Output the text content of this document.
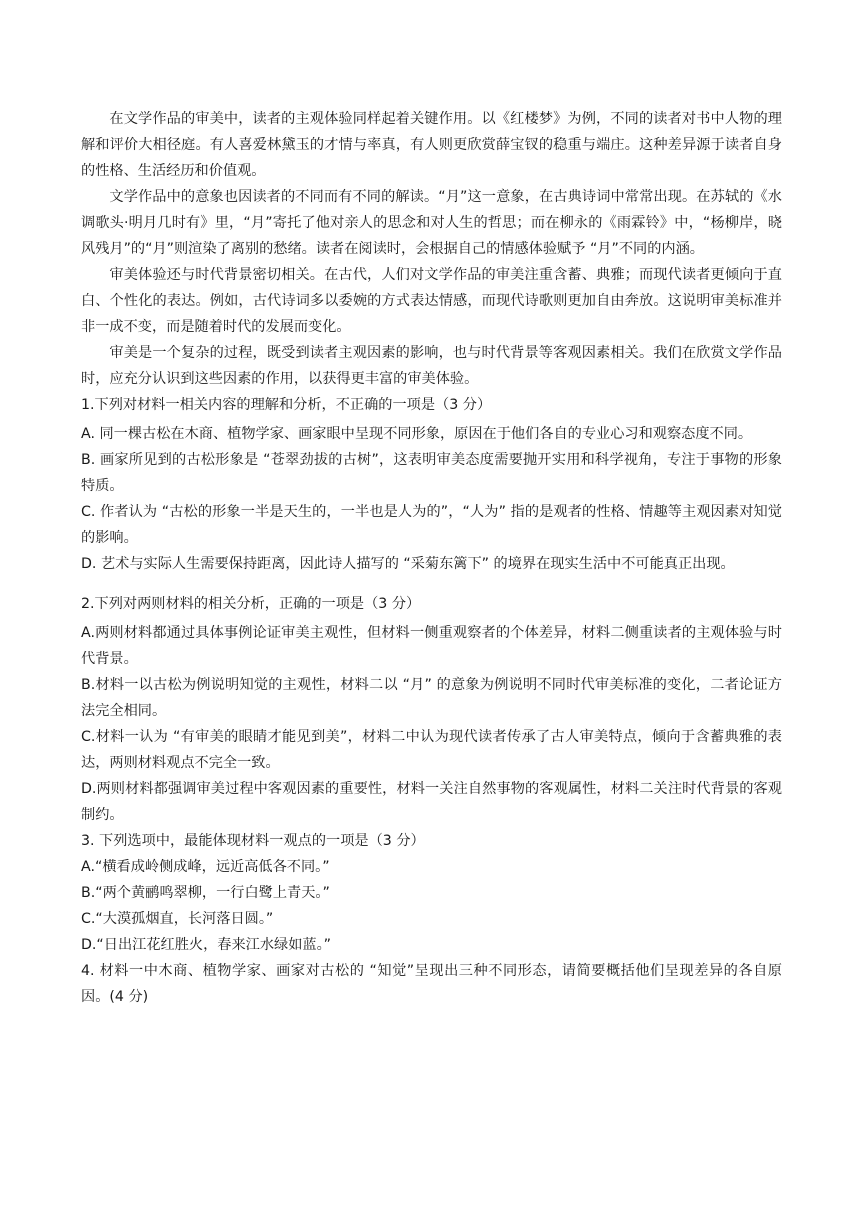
在文学作品的审美中，读者的主观体验同样起着关键作用。以《红楼梦》为例，不同的读者对书中人物的理解和评价大相径庭。有人喜爱林黛玉的才情与率真，有人则更欣赏薛宝钗的稳重与端庄。这种差异源于读者自身的性格、生活经历和价值观。

文学作品中的意象也因读者的不同而有不同的解读。“月”这一意象，在古典诗词中常常出现。在苏轼的《水调歌头·明月几时有》里，“月”寄托了他对亲人的思念和对人生的哲思；而在柳永的《雨霖铃》中，“杨柳岸，晓风残月”的“月”则渲染了离别的愁绪。读者在阅读时，会根据自己的情感体验赋予 “月”不同的内涵。

审美体验还与时代背景密切相关。在古代，人们对文学作品的审美注重含蓄、典雅；而现代读者更倾向于直白、个性化的表达。例如，古代诗词多以委婉的方式表达情感，而现代诗歌则更加自由奔放。这说明审美标准并非一成不变，而是随着时代的发展而变化。

审美是一个复杂的过程，既受到读者主观因素的影响，也与时代背景等客观因素相关。我们在欣赏文学作品时，应充分认识到这些因素的作用，以获得更丰富的审美体验。

1.下列对材料一相关内容的理解和分析，不正确的一项是（3 分）

A. 同一棵古松在木商、植物学家、画家眼中呈现不同形象，原因在于他们各自的专业心习和观察态度不同。

B. 画家所见到的古松形象是 “苍翠劲拔的古树”，这表明审美态度需要抛开实用和科学视角，专注于事物的形象特质。

C. 作者认为 “古松的形象一半是天生的，一半也是人为的”，“人为” 指的是观者的性格、情趣等主观因素对知觉的影响。

D. 艺术与实际人生需要保持距离，因此诗人描写的 “采菊东篱下” 的境界在现实生活中不可能真正出现。

2.下列对两则材料的相关分析，正确的一项是（3 分）

A.两则材料都通过具体事例论证审美主观性，但材料一侧重观察者的个体差异，材料二侧重读者的主观体验与时代背景。

B.材料一以古松为例说明知觉的主观性，材料二以 “月” 的意象为例说明不同时代审美标准的变化，二者论证方法完全相同。

C.材料一认为 “有审美的眼睛才能见到美”，材料二中认为现代读者传承了古人审美特点，倾向于含蓄典雅的表达，两则材料观点不完全一致。

D.两则材料都强调审美过程中客观因素的重要性，材料一关注自然事物的客观属性，材料二关注时代背景的客观制约。

3. 下列选项中，最能体现材料一观点的一项是（3 分）

A.“横看成岭侧成峰，远近高低各不同。”

B.“两个黄鹂鸣翠柳，一行白鹭上青天。”

C.“大漠孤烟直，长河落日圆。”

D.“日出江花红胜火，春来江水绿如蓝。”

4. 材料一中木商、植物学家、画家对古松的 “知觉”呈现出三种不同形态，请简要概括他们呈现差异的各自原因。(4 分)
